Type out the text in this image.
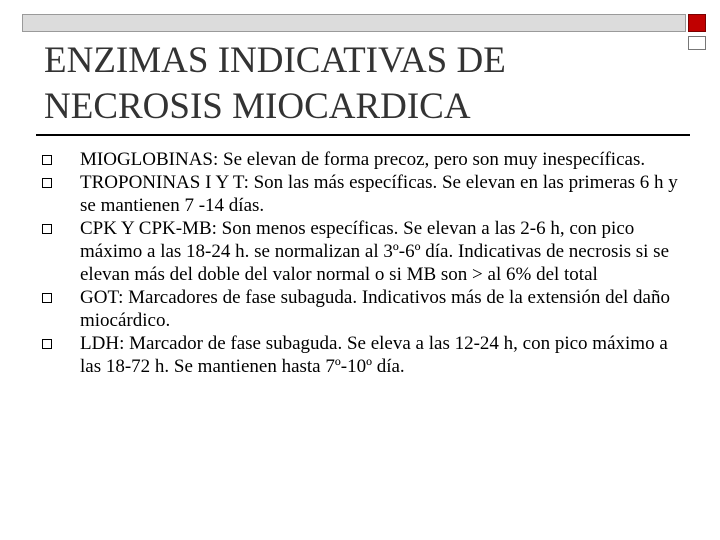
ENZIMAS INDICATIVAS DE
NECROSIS MIOCARDICA
MIOGLOBINAS: Se elevan de forma precoz, pero son muy inespecíficas.
TROPONINAS I Y T: Son las más específicas. Se elevan en las primeras 6 h y se mantienen 7 -14 días.
CPK Y CPK-MB: Son menos específicas. Se elevan a las 2-6 h, con pico máximo a las 18-24 h. se normalizan al 3º-6º día. Indicativas de necrosis si se elevan más del doble del valor normal o si MB son > al 6% del total
GOT: Marcadores de fase subaguda. Indicativos más de la extensión del daño miocárdico.
LDH: Marcador de fase subaguda. Se eleva a las 12-24 h, con pico máximo a las 18-72 h. Se mantienen hasta 7º-10º día.
